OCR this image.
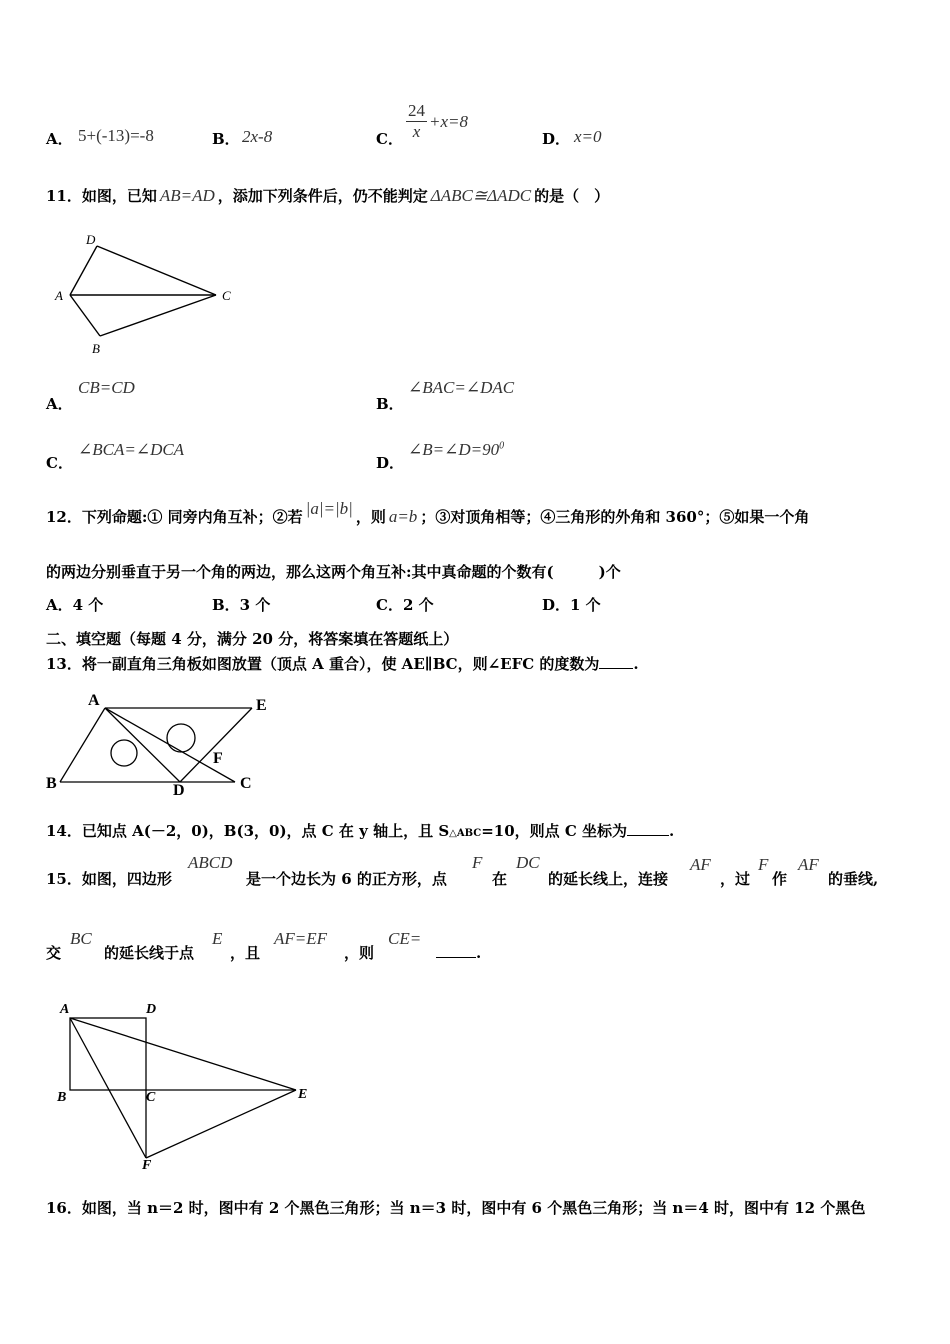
A． 5+(-13)=-8	B． 2x-8	C． $\frac{24}{x} +x=8$
D． x=0
11．如图，已知 AB=AD ，添加下列条件后，仍不能判定 ΔABC≅ΔADC 的是（　）
D
A	C
B
A．
CB=CD
B．
∠BAC=∠DAC
C．
∠BCA=∠DCA
D．
$\angle B=\angle D=90^0$
12．下列命题:① 同旁内角互补；②若 |a|=|b| ，则 a=b ；③对顶角相等；④三角形的外角和 360°；⑤如果一个角
的两边分别垂直于另一个角的两边，那么这两个角互补:其中真命题的个数有(　　　)个
A．4 个	B．3 个	C．2 个	D．1 个
二、填空题（每题 4 分，满分 20 分，将答案填在答题纸上）
13．将一副直角三角板如图放置（顶点 A 重合），使 AE∥BC，则∠EFC 的度数为 .
A	E
F
B	D	C
14．已知点 A(－2，0)，B(3，0)，点 C 在 y 轴上，且 S △ABC =10，则点 C 坐标为	.
15．如图，四边形
ABCD
是一个边长为 6 的正方形，点
F
在
DC
的延长线上，连接
AF
，过
F
作
AF
的垂线,
交
BC
的延长线于点
E
，且
AF=EF
，则
CE=
.
A	D
B	C	E
F
16．如图，当 n＝2 时，图中有 2 个黑色三角形；当 n＝3 时，图中有 6 个黑色三角形；当 n＝4 时，图中有 12 个黑色
